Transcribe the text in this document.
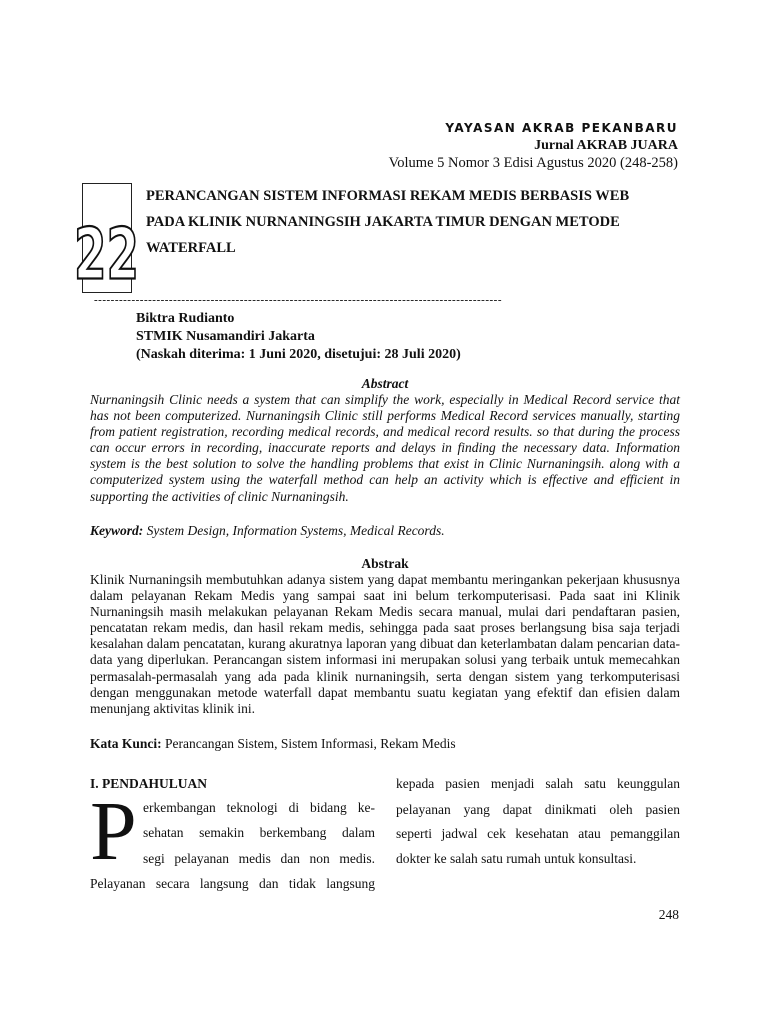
YAYASAN AKRAB PEKANBARU
Jurnal AKRAB JUARA
Volume 5 Nomor 3 Edisi Agustus 2020 (248-258)
22
PERANCANGAN SISTEM INFORMASI REKAM MEDIS BERBASIS WEB
PADA KLINIK NURNANINGSIH JAKARTA TIMUR DENGAN METODE
WATERFALL
--------------------------------------------------------------------------------------------------
Biktra Rudianto
STMIK Nusamandiri Jakarta
(Naskah diterima: 1 Juni 2020, disetujui: 28 Juli 2020)
Abstract
Nurnaningsih Clinic needs a system that can simplify the work, especially in Medical Record service that has not been computerized. Nurnaningsih Clinic still performs Medical Record services manually, starting from patient registration, recording medical records, and medical record results. so that during the process can occur errors in recording, inaccurate reports and delays in finding the necessary data. Information system is the best solution to solve the handling problems that exist in Clinic Nurnaningsih. along with a computerized system using the waterfall method can help an activity which is effective and efficient in supporting the activities of clinic Nurnaningsih.
Keyword: System Design, Information Systems, Medical Records.
Abstrak
Klinik Nurnaningsih membutuhkan adanya sistem yang dapat membantu meringankan pekerjaan khususnya dalam pelayanan Rekam Medis yang sampai saat ini belum terkomputerisasi. Pada saat ini Klinik Nurnaningsih masih melakukan pelayanan Rekam Medis secara manual, mulai dari pendaftaran pasien, pencatatan rekam medis, dan hasil rekam medis, sehingga pada saat proses berlangsung bisa saja terjadi kesalahan dalam pencatatan, kurang akuratnya laporan yang dibuat dan keterlambatan dalam pencarian data-data yang diperlukan. Perancangan sistem informasi ini merupakan solusi yang terbaik untuk memecahkan permasalah-permasalah yang ada pada klinik nurnaningsih, serta dengan sistem yang terkomputerisasi dengan menggunakan metode waterfall dapat membantu suatu kegiatan yang efektif dan efisien dalam menunjang aktivitas klinik ini.
Kata Kunci: Perancangan Sistem, Sistem Informasi, Rekam Medis
I. PENDAHULUAN
P erkembangan teknologi di bidang ke-
sehatan semakin berkembang dalam
segi pelayanan medis dan non medis.
Pelayanan secara langsung dan tidak langsung
kepada pasien menjadi salah satu keunggulan
pelayanan yang dapat dinikmati oleh pasien
seperti jadwal cek kesehatan atau pemanggilan
dokter ke salah satu rumah untuk konsultasi.
248
